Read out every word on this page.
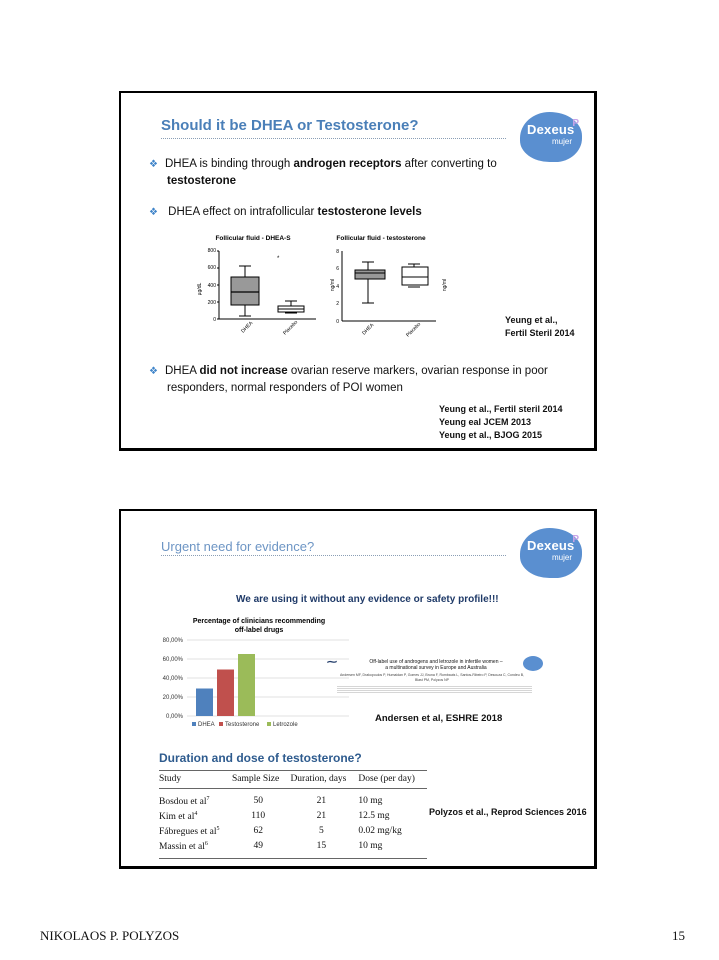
Should it be DHEA or Testosterone?	Dexeus
P
mujer
❖ DHEA is binding through androgen receptors after converting to
testosterone
❖ DHEA effect on intrafollicular testosterone levels
Follicular fluid - DHEA-S
µg/dL
0
200
400
600
800
*
DHEA	Placebo
Follicular fluid - testosterone
ng/ml	ng/ml
0
2
4
6
8
DHEA	Placebo
Yeung et al.,
Fertil Steril 2014
❖ DHEA did not increase ovarian reserve markers, ovarian response in poor
responders, normal responders of POI women
Yeung et al., Fertil steril 2014
Yeung eal JCEM 2013
Yeung et al., BJOG 2015
Urgent need for evidence?	Dexeus
P
mujer
We are using it without any evidence or safety profile!!!
Percentage of clinicians recommending
off-label drugs
80,00%
60,00%
40,00%
20,00%
0,00%
DHEA Testosterone Letrozole
⁓	Off-label use of androgens and letrozole in infertile women –
a multinational survey in Europe and Australia
Andersen MF, Drakopoulos P, Humaidan P, Gomes JJ, Bruna F, Rombauts L, Santos-Ribeiro P, Desouza C, Condeu B, Blast PM, Polyzos NP
Andersen et al, ESHRE 2018
Duration and dose of testosterone?
Study	Sample Size	Duration, days	Dose (per day)
Bosdou et $al^7$	50	21	10 mg
Kim et $al^4$	110	21	12.5 mg
Fábregues et $al^5$	62	5	0.02 mg/kg
Massin et $al^6$	49	15	10 mg
Polyzos et al., Reprod Sciences 2016
NIKOLAOS P. POLYZOS	15
